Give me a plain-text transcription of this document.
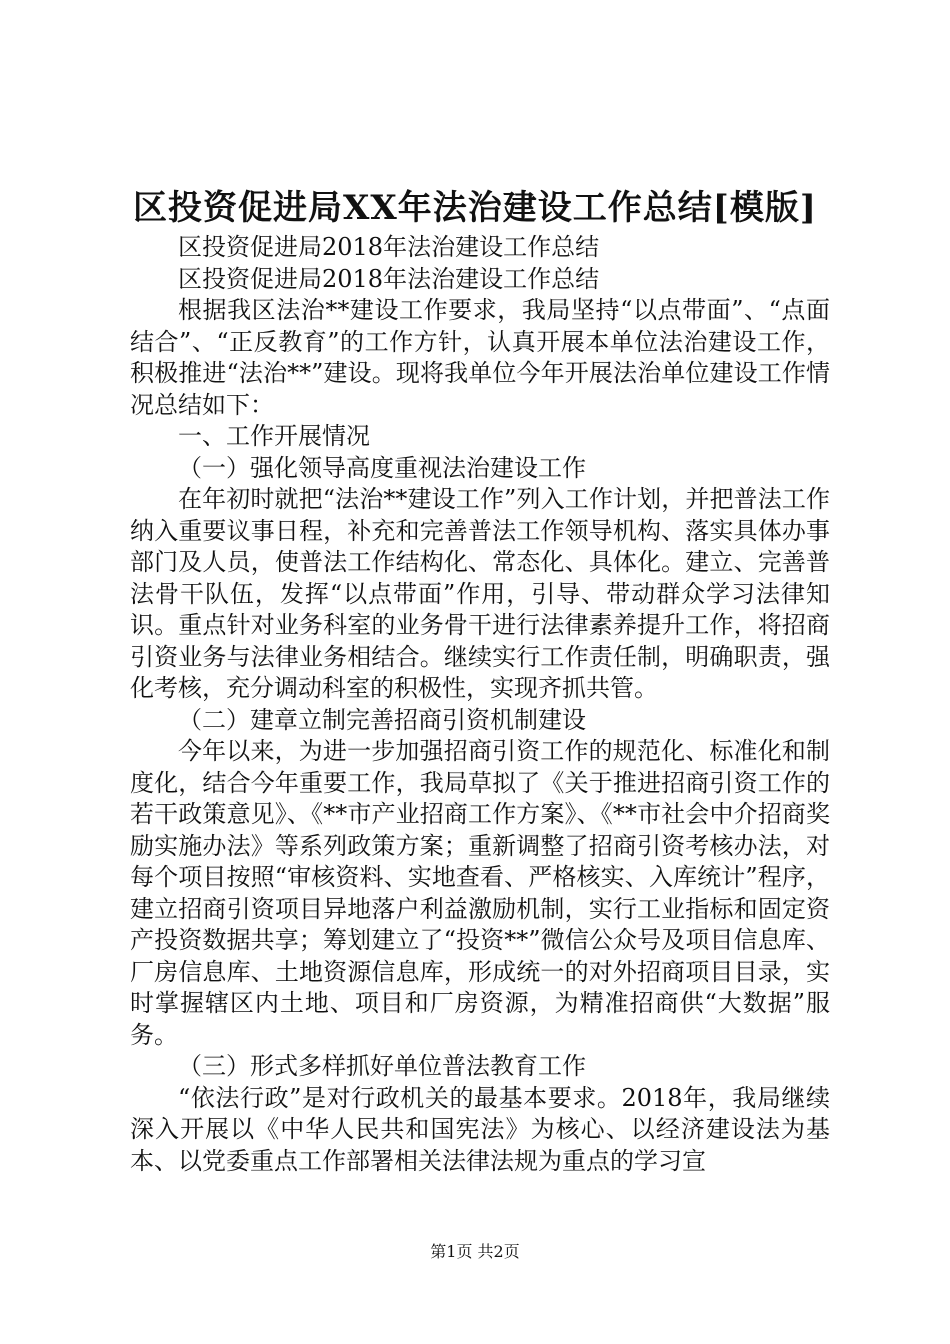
区投资促进局XX年法治建设工作总结[模版]

区投资促进局2018年法治建设工作总结

区投资促进局2018年法治建设工作总结

根据我区法治**建设工作要求，我局坚持“以点带面”、“点面结合”、“正反教育”的工作方针，认真开展本单位法治建设工作，积极推进“法治**”建设。现将我单位今年开展法治单位建设工作情况总结如下：

一、工作开展情况

（一）强化领导高度重视法治建设工作

在年初时就把“法治**建设工作”列入工作计划，并把普法工作纳入重要议事日程，补充和完善普法工作领导机构、落实具体办事部门及人员，使普法工作结构化、常态化、具体化。建立、完善普法骨干队伍，发挥“以点带面”作用，引导、带动群众学习法律知识。重点针对业务科室的业务骨干进行法律素养提升工作，将招商引资业务与法律业务相结合。继续实行工作责任制，明确职责，强化考核，充分调动科室的积极性，实现齐抓共管。

（二）建章立制完善招商引资机制建设

今年以来，为进一步加强招商引资工作的规范化、标准化和制度化，结合今年重要工作，我局草拟了《关于推进招商引资工作的若干政策意见》、《**市产业招商工作方案》、《**市社会中介招商奖励实施办法》等系列政策方案；重新调整了招商引资考核办法，对每个项目按照“审核资料、实地查看、严格核实、入库统计”程序，建立招商引资项目异地落户利益激励机制，实行工业指标和固定资产投资数据共享；筹划建立了“投资**”微信公众号及项目信息库、厂房信息库、土地资源信息库，形成统一的对外招商项目目录，实时掌握辖区内土地、项目和厂房资源，为精准招商供“大数据”服务。

（三）形式多样抓好单位普法教育工作

“依法行政”是对行政机关的最基本要求。2018年，我局继续深入开展以《中华人民共和国宪法》为核心、以经济建设法为基本、以党委重点工作部署相关法律法规为重点的学习宣

第1页 共2页
